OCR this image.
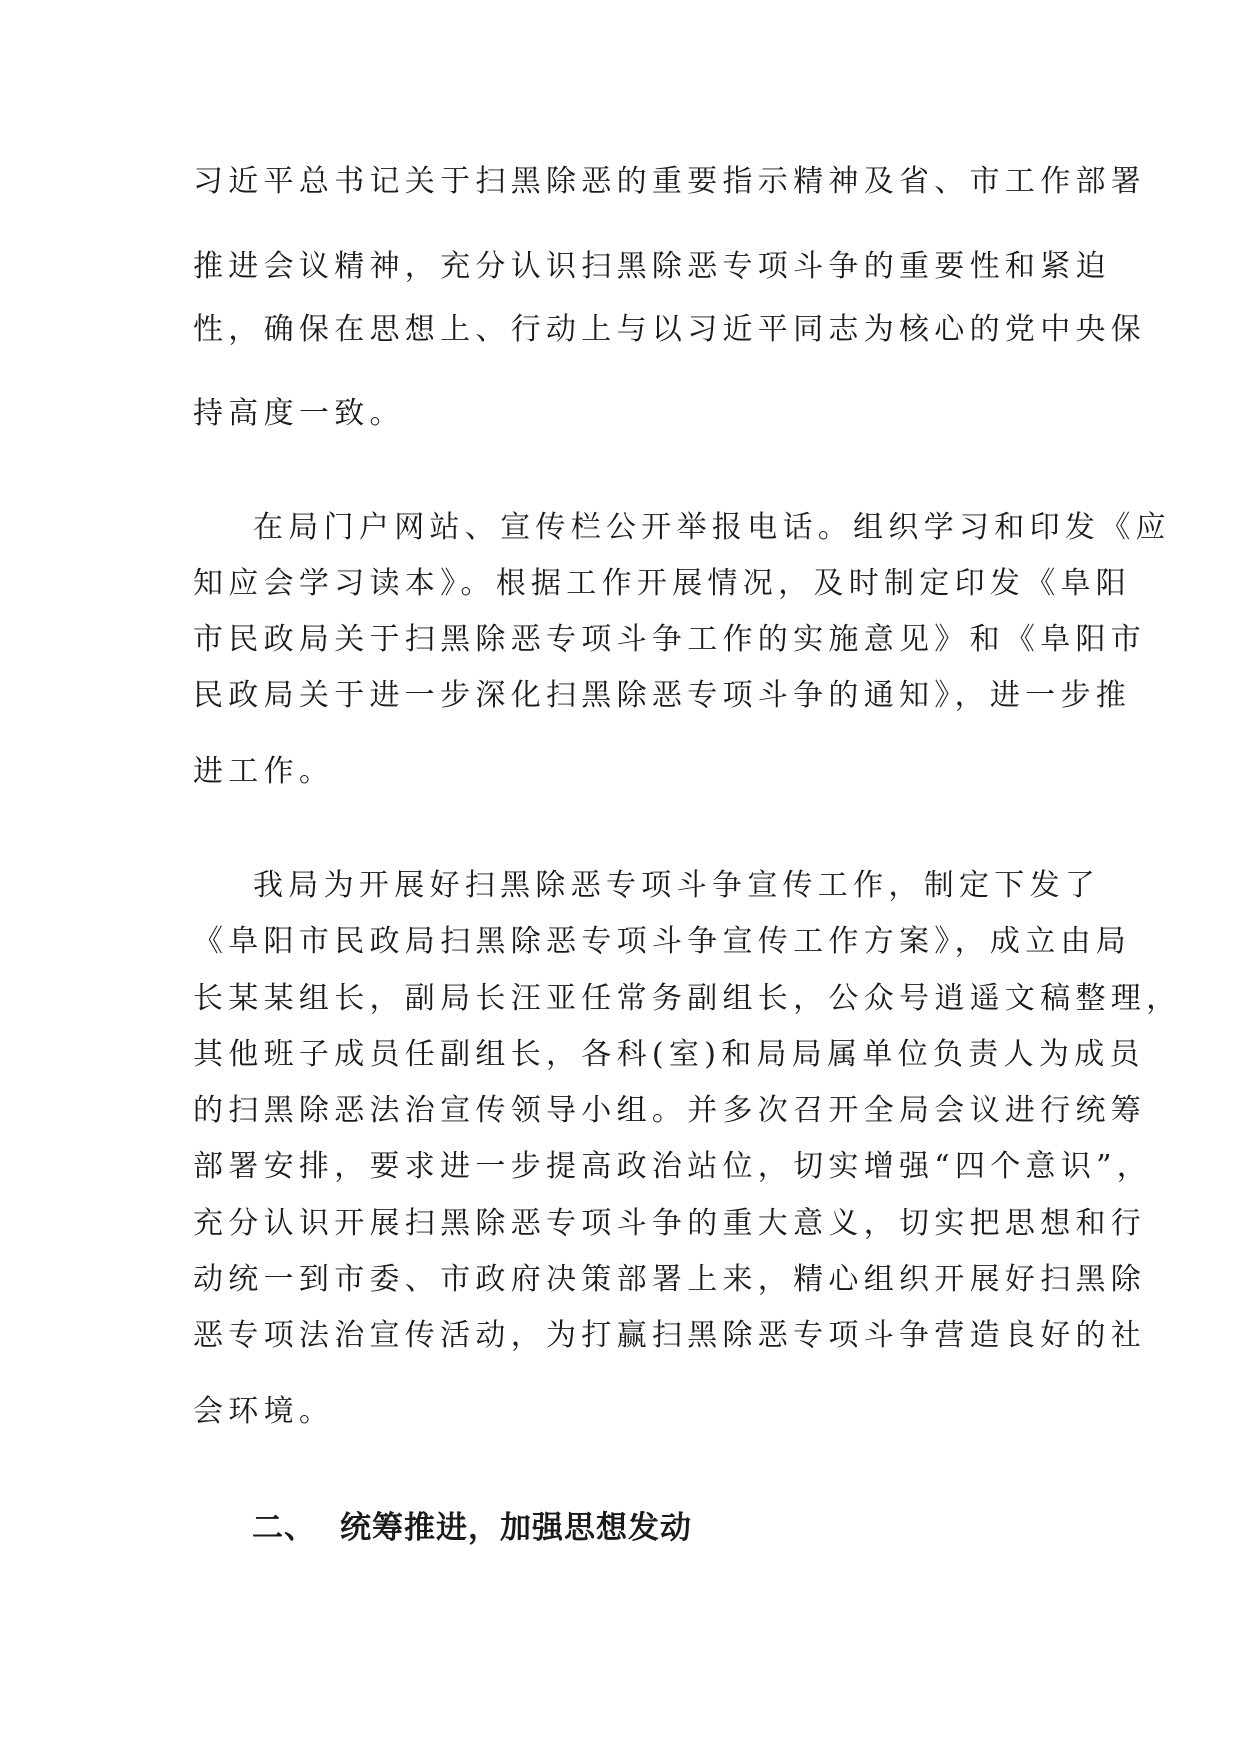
习近平总书记关于扫黑除恶的重要指示精神及省、市工作部署
推进会议精神，充分认识扫黑除恶专项斗争的重要性和紧迫
性，确保在思想上、行动上与以习近平同志为核心的党中央保
持高度一致。
在局门户网站、宣传栏公开举报电话。组织学习和印发《应
知应会学习读本》。根据工作开展情况，及时制定印发《阜阳
市民政局关于扫黑除恶专项斗争工作的实施意见》和《阜阳市
民政局关于进一步深化扫黑除恶专项斗争的通知》，进一步推
进工作。
我局为开展好扫黑除恶专项斗争宣传工作，制定下发了
《阜阳市民政局扫黑除恶专项斗争宣传工作方案》，成立由局
长某某组长，副局长汪亚任常务副组长，公众号逍遥文稿整理，
其他班子成员任副组长，各科(室)和局局属单位负责人为成员
的扫黑除恶法治宣传领导小组。并多次召开全局会议进行统筹
部署安排，要求进一步提高政治站位，切实增强“四个意识”，
充分认识开展扫黑除恶专项斗争的重大意义，切实把思想和行
动统一到市委、市政府决策部署上来，精心组织开展好扫黑除
恶专项法治宣传活动，为打赢扫黑除恶专项斗争营造良好的社
会环境。
二、 统筹推进，加强思想发动
